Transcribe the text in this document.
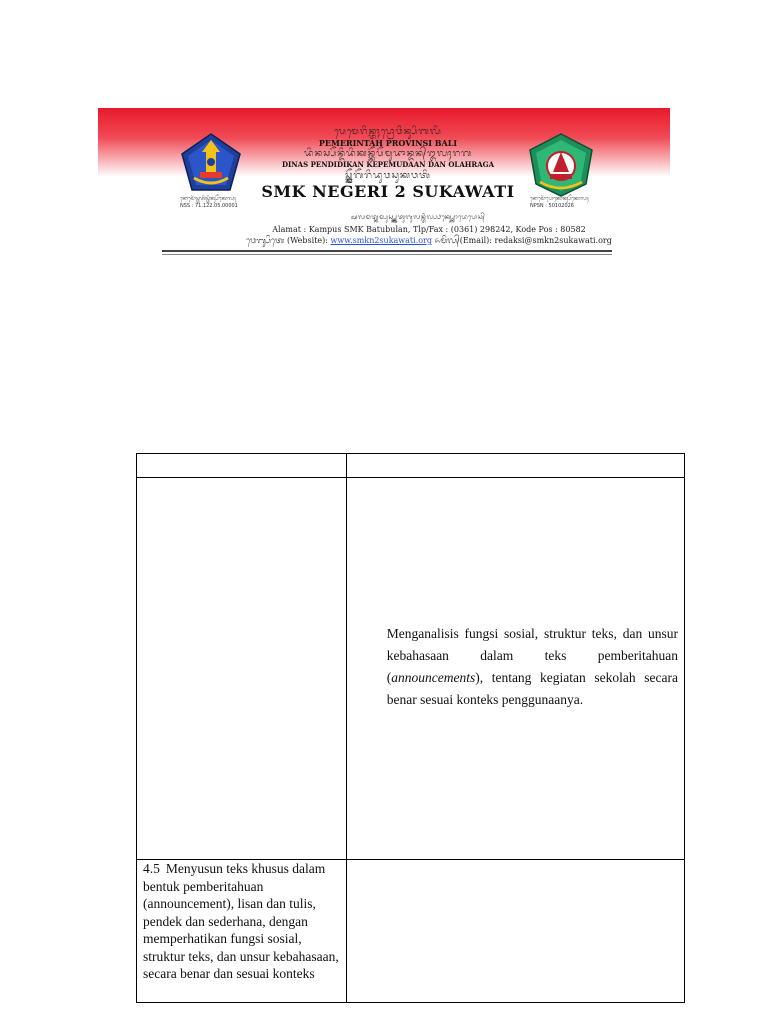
ᬦᭀᬫᭀᬃᬲ᭄ᬢᬢᬶᬲ᭄ᬢᬶᬓ᭄ᬲᭂᬓᭀᬮᬄ
NSS : 71.122.05.00001
ᬧᬾᬫᬾᬭᬶᬦ᭄ᬢᬄᬧ᭄ᬭᭀᬯᬶᬦ᭄ᬲᬶᬩᬮᬶ
PEMERINTAH PROVINSI BALI
ᬤᬶᬦᬲ᭄ᬧᭂᬦ᭄ᬤᬶᬤᬶᬓᬦ᭄ᬓᭂᬧᭂᬫᬸᬤᬵᬦ᭄ᬤᬦ᭄ᬑᬮᬄᬭᬕ
DINAS PENDIDIKAN KEPEMUDAAN DAN OLAHRAGA
ᬲ᭄ᬫ᭄ᬓ᭄ᬦᭂᬕᭂᬭᬶᬤᬸᬯᬲᬸᬓᬯᬢᬶ
SMK NEGERI 2 SUKAWATI	ᬦᭀᬫᭀᬃᬧᭀᬓᭀᬓ᭄ᬲᭂᬓᭀᬮᬄ
NPSN : 50102026
ᬅᬮᬫᬢ᭄ᬓᬫ᭄ᬧᬸᬲ᭄ᬲ᭄ᬫ᭄ᬓ᭄ᬩᬢᬸᬩᬸᬮᬦ᭄ᬢᬶᬮ᭄ᬧ᭄ᬨᬓ᭄ᬲ᭄ᬓᭀᬤᬾᬧᭀᬲ᭄
Alamat : Kampus SMK Batubulan, Tlp/Fax : (0361) 298242, Kode Pos : 80582
ᬯᬾᬩ᭄ᬲᬶᬢᬾ (Website): www.smkn2sukawati.org ᬏᬫᬶᬮ᭄(Email): redaksi@smkn2sukawati.org

	Menganalisis fungsi sosial, struktur teks, dan unsur kebahasaan dalam teks pemberitahuan (announcements), tentang kegiatan sekolah secara benar sesuai konteks penggunaanya.
4.5 Menyusun teks khusus dalam bentuk pemberitahuan (announcement), lisan dan tulis, pendek dan sederhana, dengan memperhatikan fungsi sosial, struktur teks, dan unsur kebahasaan, secara benar dan sesuai konteks	
